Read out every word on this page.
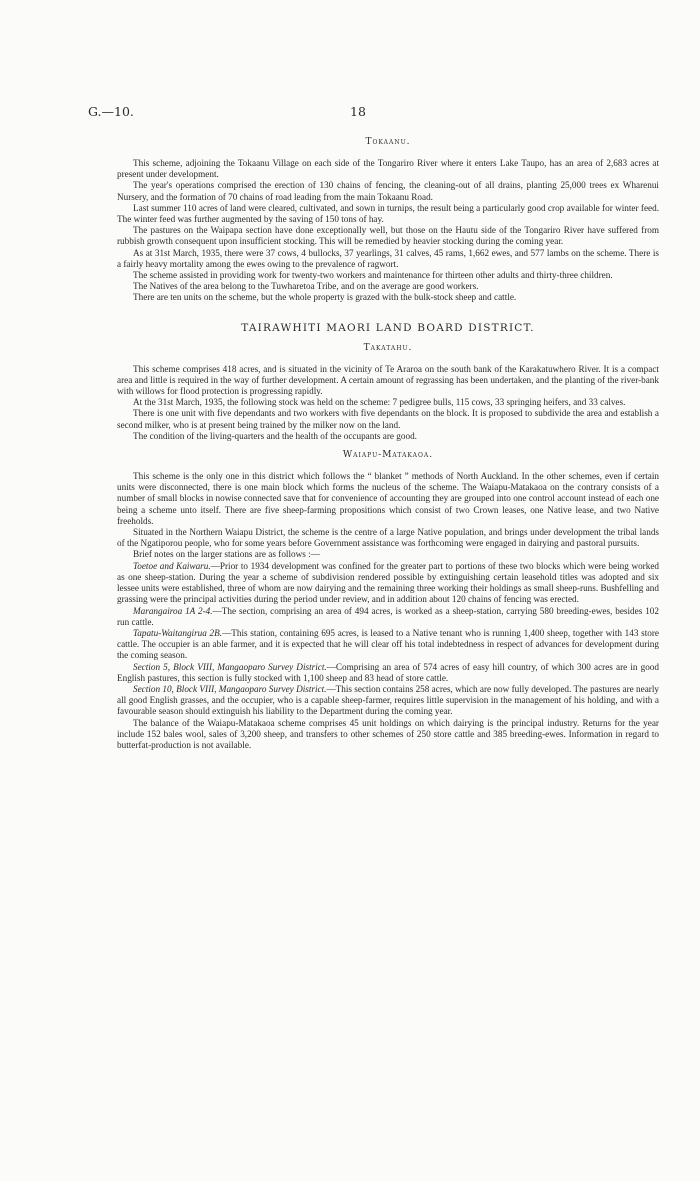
G.—10.	18
Tokaanu.

This scheme, adjoining the Tokaanu Village on each side of the Tongariro River where it enters Lake Taupo, has an area of 2,683 acres at present under development.

The year's operations comprised the erection of 130 chains of fencing, the cleaning-out of all drains, planting 25,000 trees ex Wharenui Nursery, and the formation of 70 chains of road leading from the main Tokaanu Road.

Last summer 110 acres of land were cleared, cultivated, and sown in turnips, the result being a particularly good crop available for winter feed. The winter feed was further augmented by the saving of 150 tons of hay.

The pastures on the Waipapa section have done exceptionally well, but those on the Hautu side of the Tongariro River have suffered from rubbish growth consequent upon insufficient stocking. This will be remedied by heavier stocking during the coming year.

As at 31st March, 1935, there were 37 cows, 4 bullocks, 37 yearlings, 31 calves, 45 rams, 1,662 ewes, and 577 lambs on the scheme. There is a fairly heavy mortality among the ewes owing to the prevalence of ragwort.

The scheme assisted in providing work for twenty-two workers and maintenance for thirteen other adults and thirty-three children.

The Natives of the area belong to the Tuwharetoa Tribe, and on the average are good workers.

There are ten units on the scheme, but the whole property is grazed with the bulk-stock sheep and cattle.

TAIRAWHITI MAORI LAND BOARD DISTRICT.
Takatahu.

This scheme comprises 418 acres, and is situated in the vicinity of Te Araroa on the south bank of the Karakatuwhero River. It is a compact area and little is required in the way of further development. A certain amount of regrassing has been undertaken, and the planting of the river-bank with willows for flood protection is progressing rapidly.

At the 31st March, 1935, the following stock was held on the scheme: 7 pedigree bulls, 115 cows, 33 springing heifers, and 33 calves.

There is one unit with five dependants and two workers with five dependants on the block. It is proposed to subdivide the area and establish a second milker, who is at present being trained by the milker now on the land.

The condition of the living-quarters and the health of the occupants are good.

Waiapu-Matakaoa.

This scheme is the only one in this district which follows the “ blanket ” methods of North Auckland. In the other schemes, even if certain units were disconnected, there is one main block which forms the nucleus of the scheme. The Waiapu-Matakaoa on the contrary consists of a number of small blocks in nowise connected save that for convenience of accounting they are grouped into one control account instead of each one being a scheme unto itself. There are five sheep-farming propositions which consist of two Crown leases, one Native lease, and two Native freeholds.

Situated in the Northern Waiapu District, the scheme is the centre of a large Native population, and brings under development the tribal lands of the Ngatiporou people, who for some years before Government assistance was forthcoming were engaged in dairying and pastoral pursuits.

Brief notes on the larger stations are as follows :—

Toetoe and Kaiwaru.—Prior to 1934 development was confined for the greater part to portions of these two blocks which were being worked as one sheep-station. During the year a scheme of subdivision rendered possible by extinguishing certain leasehold titles was adopted and six lessee units were established, three of whom are now dairying and the remaining three working their holdings as small sheep-runs. Bushfelling and grassing were the principal activities during the period under review, and in addition about 120 chains of fencing was erected.

Marangairoa 1A 2-4.—The section, comprising an area of 494 acres, is worked as a sheep-station, carrying 580 breeding-ewes, besides 102 run cattle.

Tapatu-Waitangirua 2B.—This station, containing 695 acres, is leased to a Native tenant who is running 1,400 sheep, together with 143 store cattle. The occupier is an able farmer, and it is expected that he will clear off his total indebtedness in respect of advances for development during the coming season.

Section 5, Block VIII, Mangaoparo Survey District.—Comprising an area of 574 acres of easy hill country, of which 300 acres are in good English pastures, this section is fully stocked with 1,100 sheep and 83 head of store cattle.

Section 10, Block VIII, Mangaoparo Survey District.—This section contains 258 acres, which are now fully developed. The pastures are nearly all good English grasses, and the occupier, who is a capable sheep-farmer, requires little supervision in the management of his holding, and with a favourable season should extinguish his liability to the Department during the coming year.

The balance of the Waiapu-Matakaoa scheme comprises 45 unit holdings on which dairying is the principal industry. Returns for the year include 152 bales wool, sales of 3,200 sheep, and transfers to other schemes of 250 store cattle and 385 breeding-ewes. Information in regard to butterfat-production is not available.
